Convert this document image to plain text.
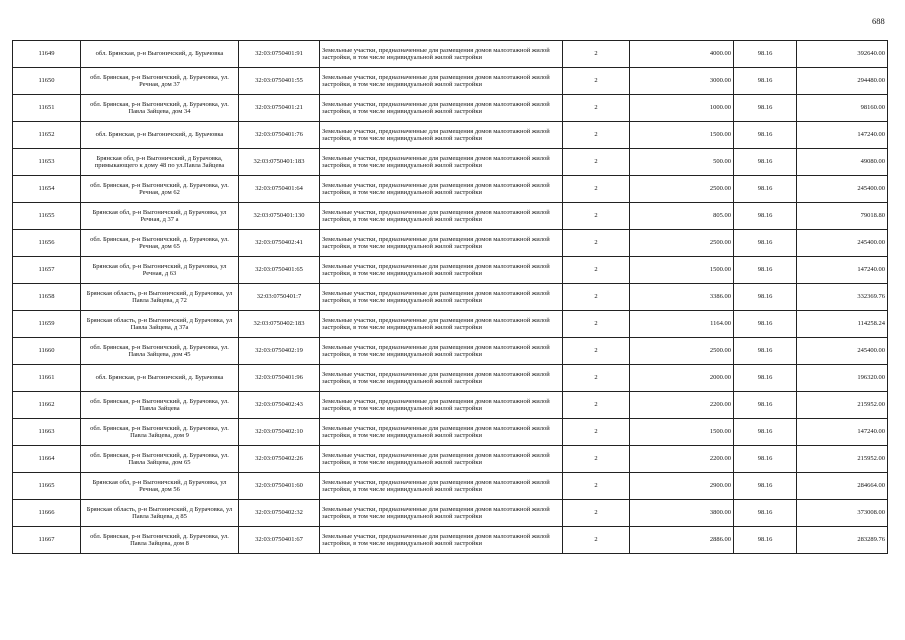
688
11649	обл. Брянская, р-н Выгоничский, д. Бурачовка	32:03:0750401:91	Земельные участки, предназначенные для размещения домов малоэтажной жилой застройки, в том числе индивидуальной жилой застройки	2	4000.00	98.16	392640.00
11650	обл. Брянская, р-н Выгоничский, д. Бурачовка, ул. Речная, дом 37	32:03:0750401:55	Земельные участки, предназначенные для размещения домов малоэтажной жилой застройки, в том числе индивидуальной жилой застройки	2	3000.00	98.16	294480.00
11651	обл. Брянская, р-н Выгоничский, д. Бурачовка, ул. Павла Зайцева, дом 34	32:03:0750401:21	Земельные участки, предназначенные для размещения домов малоэтажной жилой застройки, в том числе индивидуальной жилой застройки	2	1000.00	98.16	98160.00
11652	обл. Брянская, р-н Выгоничский, д. Бурачовка	32:03:0750401:76	Земельные участки, предназначенные для размещения домов малоэтажной жилой застройки, в том числе индивидуальной жилой застройки	2	1500.00	98.16	147240.00
11653	Брянская обл, р-н Выгоничский, д Бурачовка, примыкающего к дому 48 по ул.Павла Зайцева	32:03:0750401:183	Земельные участки, предназначенные для размещения домов малоэтажной жилой застройки, в том числе индивидуальной жилой застройки	2	500.00	98.16	49080.00
11654	обл. Брянская, р-н Выгоничский, д. Бурачовка, ул. Речная, дом 62	32:03:0750401:64	Земельные участки, предназначенные для размещения домов малоэтажной жилой застройки, в том числе индивидуальной жилой застройки	2	2500.00	98.16	245400.00
11655	Брянская обл, р-н Выгоничский, д Бурачовка, ул Речная, д 37 а	32:03:0750401:130	Земельные участки, предназначенные для размещения домов малоэтажной жилой застройки, в том числе индивидуальной жилой застройки	2	805.00	98.16	79018.80
11656	обл. Брянская, р-н Выгоничский, д. Бурачовка, ул. Речная, дом 65	32:03:0750402:41	Земельные участки, предназначенные для размещения домов малоэтажной жилой застройки, в том числе индивидуальной жилой застройки	2	2500.00	98.16	245400.00
11657	Брянская обл, р-н Выгоничский, д Бурачовка, ул Речная, д 63	32:03:0750401:65	Земельные участки, предназначенные для размещения домов малоэтажной жилой застройки, в том числе индивидуальной жилой застройки	2	1500.00	98.16	147240.00
11658	Брянская область, р-н Выгоничский, д Бурачовка, ул Павла Зайцева, д 72	32:03:0750401:7	Земельные участки, предназначенные для размещения домов малоэтажной жилой застройки, в том числе индивидуальной жилой застройки	2	3386.00	98.16	332369.76
11659	Брянская область, р-н Выгоничский, д Бурачовка, ул Павла Зайцева, д 37а	32:03:0750402:183	Земельные участки, предназначенные для размещения домов малоэтажной жилой застройки, в том числе индивидуальной жилой застройки	2	1164.00	98.16	114258.24
11660	обл. Брянская, р-н Выгоничский, д. Бурачовка, ул. Павла Зайцева, дом 45	32:03:0750402:19	Земельные участки, предназначенные для размещения домов малоэтажной жилой застройки, в том числе индивидуальной жилой застройки	2	2500.00	98.16	245400.00
11661	обл. Брянская, р-н Выгоничский, д. Бурачовка	32:03:0750401:96	Земельные участки, предназначенные для размещения домов малоэтажной жилой застройки, в том числе индивидуальной жилой застройки	2	2000.00	98.16	196320.00
11662	обл. Брянская, р-н Выгоничский, д. Бурачовка, ул. Павла Зайцева	32:03:0750402:43	Земельные участки, предназначенные для размещения домов малоэтажной жилой застройки, в том числе индивидуальной жилой застройки	2	2200.00	98.16	215952.00
11663	обл. Брянская, р-н Выгоничский, д. Бурачовка, ул. Павла Зайцева, дом 9	32:03:0750402:10	Земельные участки, предназначенные для размещения домов малоэтажной жилой застройки, в том числе индивидуальной жилой застройки	2	1500.00	98.16	147240.00
11664	обл. Брянская, р-н Выгоничский, д. Бурачовка, ул. Павла Зайцева, дом 65	32:03:0750402:26	Земельные участки, предназначенные для размещения домов малоэтажной жилой застройки, в том числе индивидуальной жилой застройки	2	2200.00	98.16	215952.00
11665	Брянская обл, р-н Выгоничский, д Бурачовка, ул Речная, дом 56	32:03:0750401:60	Земельные участки, предназначенные для размещения домов малоэтажной жилой застройки, в том числе индивидуальной жилой застройки	2	2900.00	98.16	284664.00
11666	Брянская область, р-н Выгоничский, д Бурачовка, ул Павла Зайцева, д 85	32:03:0750402:32	Земельные участки, предназначенные для размещения домов малоэтажной жилой застройки, в том числе индивидуальной жилой застройки	2	3800.00	98.16	373008.00
11667	обл. Брянская, р-н Выгоничский, д. Бурачовка, ул. Павла Зайцева, дом 8	32:03:0750401:67	Земельные участки, предназначенные для размещения домов малоэтажной жилой застройки, в том числе индивидуальной жилой застройки	2	2886.00	98.16	283289.76
